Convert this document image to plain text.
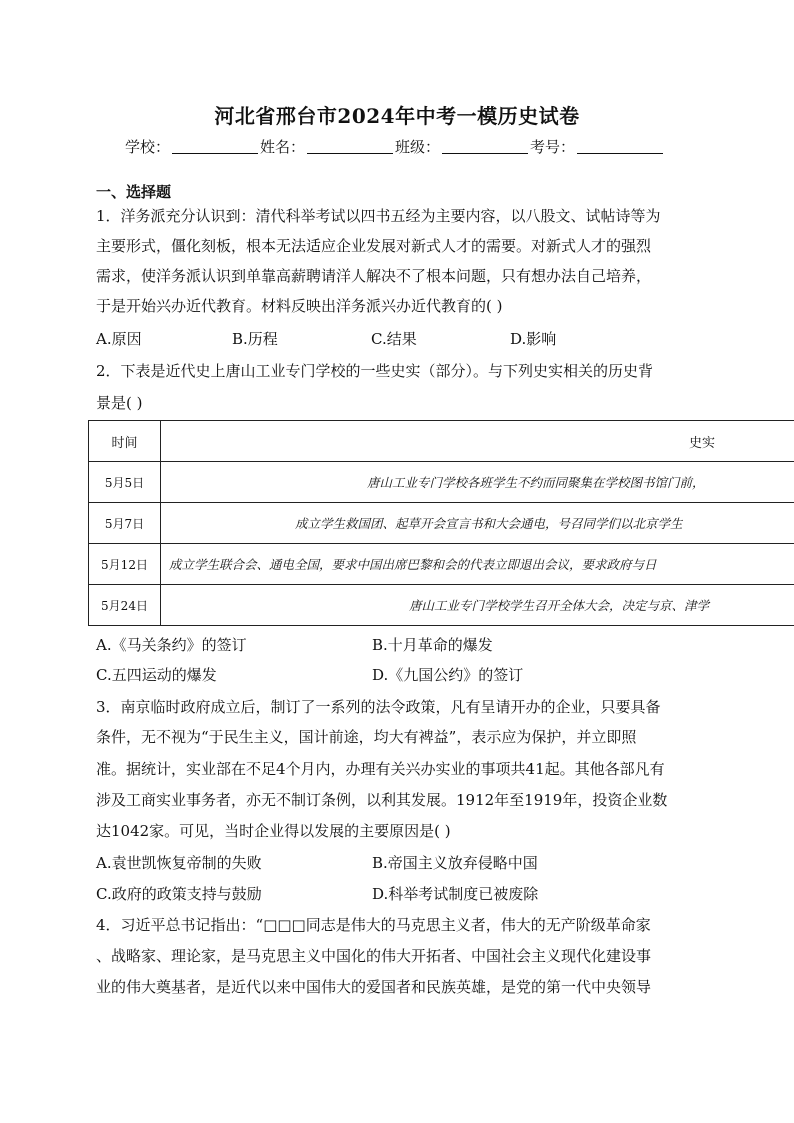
河北省邢台市2024年中考一模历史试卷
学校：	姓名：	班级：	考号：
一、选择题
1．洋务派充分认识到：清代科举考试以四书五经为主要内容，以八股文、试帖诗等为
主要形式，僵化刻板，根本无法适应企业发展对新式人才的需要。对新式人才的强烈
需求，使洋务派认识到单靠高薪聘请洋人解决不了根本问题，只有想办法自己培养，
于是开始兴办近代教育。材料反映出洋务派兴办近代教育的( )
A.原因	B.历程	C.结果	D.影响
2．下表是近代史上唐山工业专门学校的一些史实（部分）。与下列史实相关的历史背
景是( )
时间	史实
5月5日	唐山工业专门学校各班学生不约而同聚集在学校图书馆门前，
5月7日	成立学生救国团、起草开会宣言书和大会通电，号召同学们以北京学生
5月12日	成立学生联合会、通电全国，要求中国出席巴黎和会的代表立即退出会议，要求政府与日
5月24日	唐山工业专门学校学生召开全体大会，决定与京、津学
A.《马关条约》的签订	B.十月革命的爆发
C.五四运动的爆发	D.《九国公约》的签订
3．南京临时政府成立后，制订了一系列的法令政策，凡有呈请开办的企业，只要具备
条件，无不视为“于民生主义，国计前途，均大有裨益”，表示应为保护，并立即照
准。据统计，实业部在不足4个月内，办理有关兴办实业的事项共41起。其他各部凡有
涉及工商实业事务者，亦无不制订条例，以利其发展。1912年至1919年，投资企业数
达1042家。可见，当时企业得以发展的主要原因是( )
A.袁世凯恢复帝制的失败	B.帝国主义放弃侵略中国
C.政府的政策支持与鼓励	D.科举考试制度已被废除
4．习近平总书记指出：“□□□同志是伟大的马克思主义者，伟大的无产阶级革命家
、战略家、理论家，是马克思主义中国化的伟大开拓者、中国社会主义现代化建设事
业的伟大奠基者，是近代以来中国伟大的爱国者和民族英雄，是党的第一代中央领导
